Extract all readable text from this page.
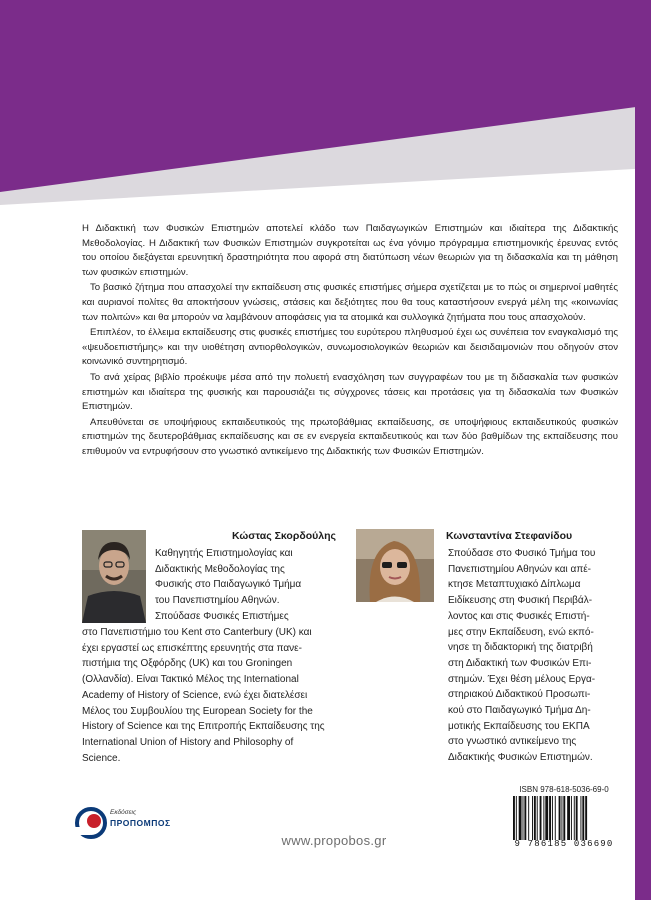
Η Διδακτική των Φυσικών Επιστημών αποτελεί κλάδο των Παιδαγωγικών Επιστημών και ιδιαίτερα της Διδακτικής Μεθοδολογίας. Η Διδακτική των Φυσικών Επιστημών συγκροτείται ως ένα γόνιμο πρόγραμμα επιστημονικής έρευνας εντός του οποίου διεξάγεται ερευνητική δραστηριότητα που αφορά στη διατύπωση νέων θεωριών για τη διδασκαλία και τη μάθηση των φυσικών επιστημών.

Το βασικό ζήτημα που απασχολεί την εκπαίδευση στις φυσικές επιστήμες σήμερα σχετίζεται με το πώς οι σημερινοί μαθητές και αυριανοί πολίτες θα αποκτήσουν γνώσεις, στάσεις και δεξιότητες που θα τους καταστήσουν ενεργά μέλη της «κοινωνίας των πολιτών» και θα μπορούν να λαμβάνουν αποφάσεις για τα ατομικά και συλλογικά ζητήματα που τους απασχολούν.

Επιπλέον, το έλλειμα εκπαίδευσης στις φυσικές επιστήμες του ευρύτερου πληθυσμού έχει ως συνέπεια τον εναγκαλισμό της «ψευδοεπιστήμης» και την υιοθέτηση αντιορθολογικών, συνωμοσιολογικών θεωριών και δεισιδαιμονιών που οδηγούν στον κοινωνικό συντηρητισμό.

Το ανά χείρας βιβλίο προέκυψε μέσα από την πολυετή ενασχόληση των συγγραφέων του με τη διδασκαλία των φυσικών επιστημών και ιδιαίτερα της φυσικής και παρουσιάζει τις σύγχρονες τάσεις και προτάσεις για τη διδασκαλία των Φυσικών Επιστημών.

Απευθύνεται σε υποψήφιους εκπαιδευτικούς της πρωτοβάθμιας εκπαίδευσης, σε υποψήφιους εκπαιδευτικούς φυσικών επιστημών της δευτεροβάθμιας εκπαίδευσης και σε εν ενεργεία εκπαιδευτικούς και των δύο βαθμίδων της εκπαίδευσης που επιθυμούν να εντρυφήσουν στο γνωστικό αντικείμενο της Διδακτικής των Φυσικών Επιστημών.

Κώστας Σκορδούλης
Καθηγητής Επιστημολογίας και
Διδακτικής Μεθοδολογίας της
Φυσικής στο Παιδαγωγικό Τμήμα
του Πανεπιστημίου Αθηνών.
Σπούδασε Φυσικές Επιστήμες
στο Πανεπιστήμιο του Kent στο Canterbury (UK) και
έχει εργαστεί ως επισκέπτης ερευνητής στα πανε-
πιστήμια της Οξφόρδης (UK) και του Groningen
(Ολλανδία). Είναι Τακτικό Μέλος της International
Academy of History of Science, ενώ έχει διατελέσει
Μέλος του Συμβουλίου της European Society for the
History of Science και της Επιτροπής Εκπαίδευσης της
International Union of History and Philosophy of
Science.
Κωνσταντίνα Στεφανίδου
Σπούδασε στο Φυσικό Τμήμα του
Πανεπιστημίου Αθηνών και απέ-
κτησε Μεταπτυχιακό Δίπλωμα
Ειδίκευσης στη Φυσική Περιβάλ-
λοντος και στις Φυσικές Επιστή-
μες στην Εκπαίδευση, ενώ εκπό-
νησε τη διδακτορική της διατριβή
στη Διδακτική των Φυσικών Επι-
στημών. Έχει θέση μέλους Εργα-
στηριακού Διδακτικού Προσωπι-
κού στο Παιδαγωγικό Τμήμα Δη-
μοτικής Εκπαίδευσης του ΕΚΠΑ
στο γνωστικό αντικείμενο της
Διδακτικής Φυσικών Επιστημών.
ISBN 978-618-5036-69-0
9 786185 036690
Εκδόσεις
ΠΡΟΠΟΜΠΟΣ
www.propobos.gr
